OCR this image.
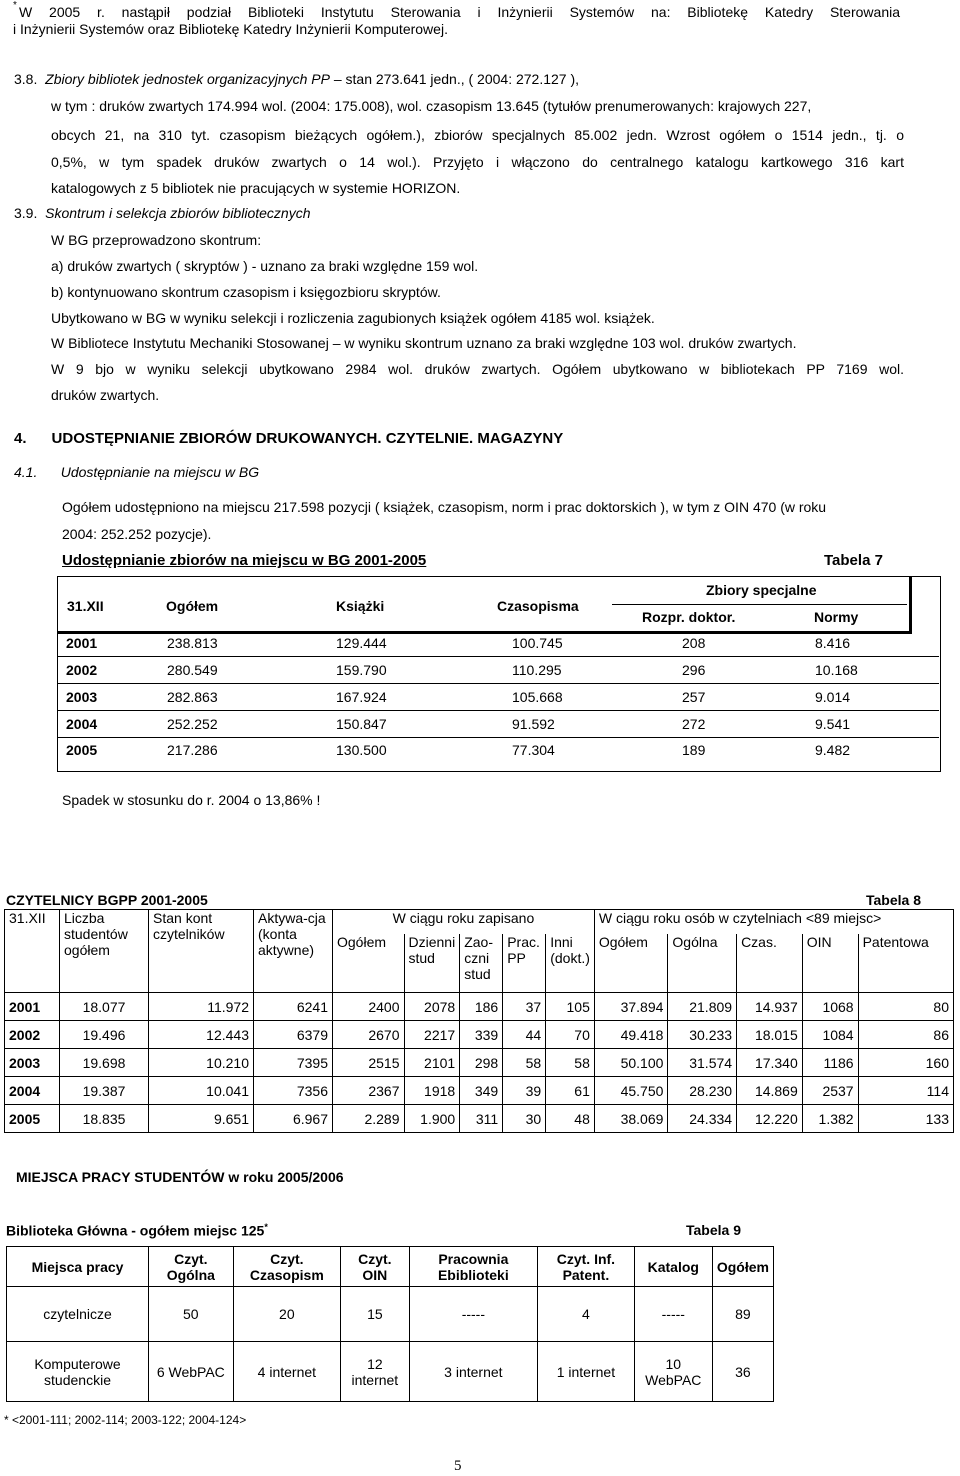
* W 2005 r. nastąpił podział Biblioteki Instytutu Sterowania i Inżynierii Systemów na: Bibliotekę Katedry Sterowania
i Inżynierii Systemów oraz Bibliotekę Katedry Inżynierii Komputerowej.
3.8. Zbiory bibliotek jednostek organizacyjnych PP – stan 273.641 jedn., ( 2004: 272.127 ),
w tym : druków zwartych 174.994 wol. (2004: 175.008), wol. czasopism 13.645 (tytułów prenumerowanych: krajowych 227,
obcych 21, na 310 tyt. czasopism bieżących ogółem.), zbiorów specjalnych 85.002 jedn. Wzrost ogółem o 1514 jedn., tj. o
0,5%, w tym spadek druków zwartych o 14 wol.). Przyjęto i włączono do centralnego katalogu kartkowego 316 kart
katalogowych z 5 bibliotek nie pracujących w systemie HORIZON.
3.9. Skontrum i selekcja zbiorów bibliotecznych
W BG przeprowadzono skontrum:
a) druków zwartych ( skryptów ) - uznano za braki względne 159 wol.
b) kontynuowano skontrum czasopism i księgozbioru skryptów.
Ubytkowano w BG w wyniku selekcji i rozliczenia zagubionych książek ogółem 4185 wol. książek.
W Bibliotece Instytutu Mechaniki Stosowanej – w wyniku skontrum uznano za braki względne 103 wol. druków zwartych.
W 9 bjo w wyniku selekcji ubytkowano 2984 wol. druków zwartych. Ogółem ubytkowano w bibliotekach PP 7169 wol.
druków zwartych.
4. UDOSTĘPNIANIE ZBIORÓW DRUKOWANYCH. CZYTELNIE. MAGAZYNY
4.1. Udostępnianie na miejscu w BG
Ogółem udostępniono na miejscu 217.598 pozycji ( książek, czasopism, norm i prac doktorskich ), w tym z OIN 470 (w roku
2004: 252.252 pozycje).
Udostępnianie zbiorów na miejscu w BG 2001-2005	Tabela 7
31.XII	Ogółem	Książki	Czasopisma
Zbiory specjalne
Rozpr. doktor.	Normy
2001	238.813	129.444	100.745	208	8.416
2002	280.549	159.790	110.295	296	10.168
2003	282.863	167.924	105.668	257	9.014
2004	252.252	150.847	91.592	272	9.541
2005	217.286	130.500	77.304	189	9.482
Spadek w stosunku do r. 2004 o 13,86% !
CZYTELNICY BGPP 2001-2005	Tabela 8
31.XII	Liczba studentów ogółem	Stan kont czytelników	Aktywa-cja (konta aktywne)	W ciągu roku zapisano					W ciągu roku osób w czytelniach <89 miejsc>				
				Ogółem	Dzienni stud	Zao-czni stud	Prac. PP	Inni (dokt.)	Ogółem	Ogólna	Czas.	OIN	Patentowa
2001	18.077	11.972	6241	2400	2078	186	37	105	37.894	21.809	14.937	1068	80
2002	19.496	12.443	6379	2670	2217	339	44	70	49.418	30.233	18.015	1084	86
2003	19.698	10.210	7395	2515	2101	298	58	58	50.100	31.574	17.340	1186	160
2004	19.387	10.041	7356	2367	1918	349	39	61	45.750	28.230	14.869	2537	114
2005	18.835	9.651	6.967	2.289	1.900	311	30	48	38.069	24.334	12.220	1.382	133
MIEJSCA PRACY STUDENTÓW w roku 2005/2006
Biblioteka Główna - ogółem miejsc 125*	Tabela 9
Miejsca pracy	Czyt. Ogólna	Czyt. Czasopism	Czyt. OIN	Pracownia Ebiblioteki	Czyt. Inf. Patent.	Katalog	Ogółem
czytelnicze	50	20	15	-----	4	-----	89
Komputerowe studenckie	6 WebPAC	4 internet	12 internet	3 internet	1 internet	10 WebPAC	36
* <2001-111; 2002-114; 2003-122; 2004-124>
5
